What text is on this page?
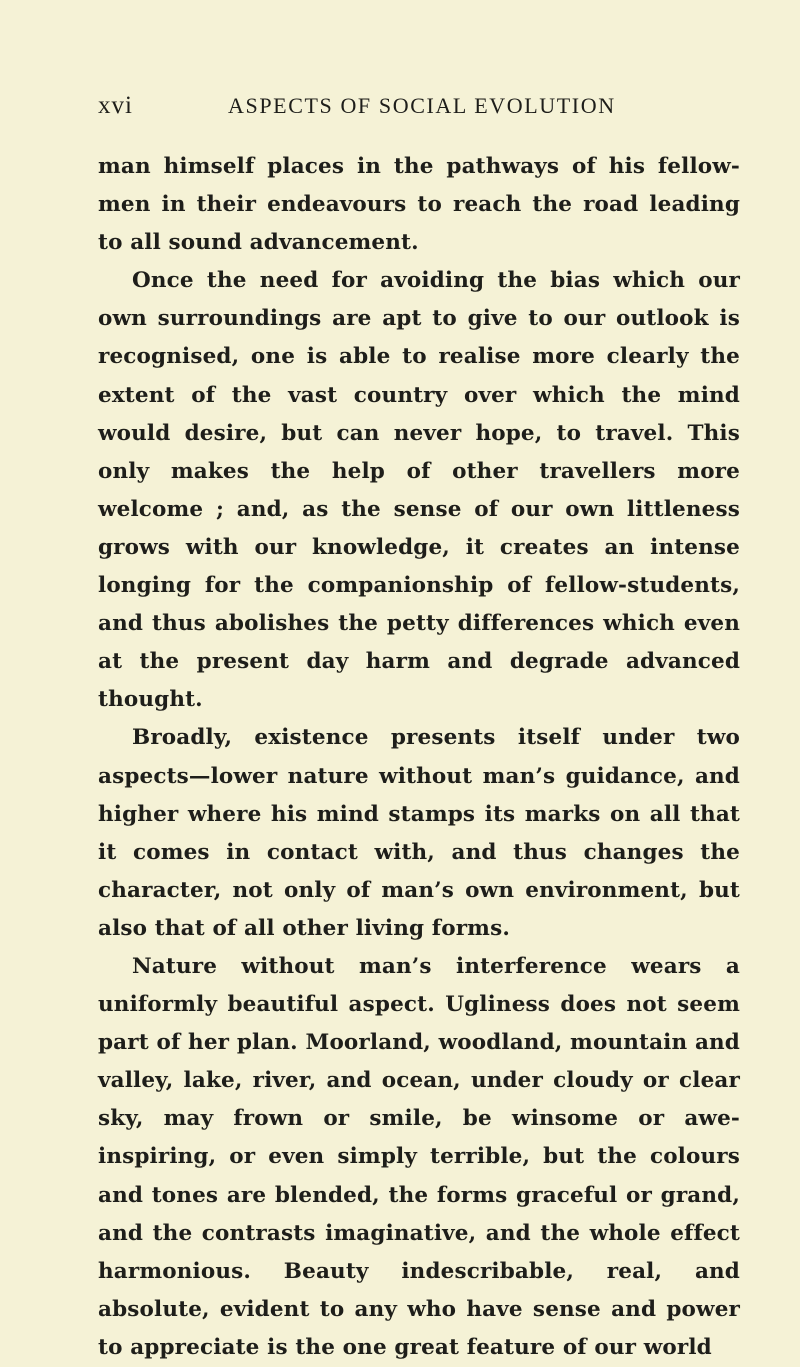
xvi	ASPECTS OF SOCIAL EVOLUTION

man himself places in the pathways of his fellow-men in their endeavours to reach the road leading to all sound advancement.

Once the need for avoiding the bias which our own surroundings are apt to give to our outlook is recognised, one is able to realise more clearly the extent of the vast country over which the mind would desire, but can never hope, to travel. This only makes the help of other travellers more welcome ; and, as the sense of our own littleness grows with our knowledge, it creates an intense longing for the companionship of fellow-students, and thus abolishes the petty differences which even at the present day harm and degrade advanced thought.

Broadly, existence presents itself under two aspects—lower nature without man’s guidance, and higher where his mind stamps its marks on all that it comes in contact with, and thus changes the character, not only of man’s own environment, but also that of all other living forms.

Nature without man’s interference wears a uniformly beautiful aspect. Ugliness does not seem part of her plan. Moorland, woodland, mountain and valley, lake, river, and ocean, under cloudy or clear sky, may frown or smile, be winsome or awe-inspiring, or even simply terrible, but the colours and tones are blended, the forms graceful or grand, and the contrasts imaginative, and the whole effect harmonious. Beauty indescribable, real, and absolute, evident to any who have sense and power to appreciate is the one great feature of our world
